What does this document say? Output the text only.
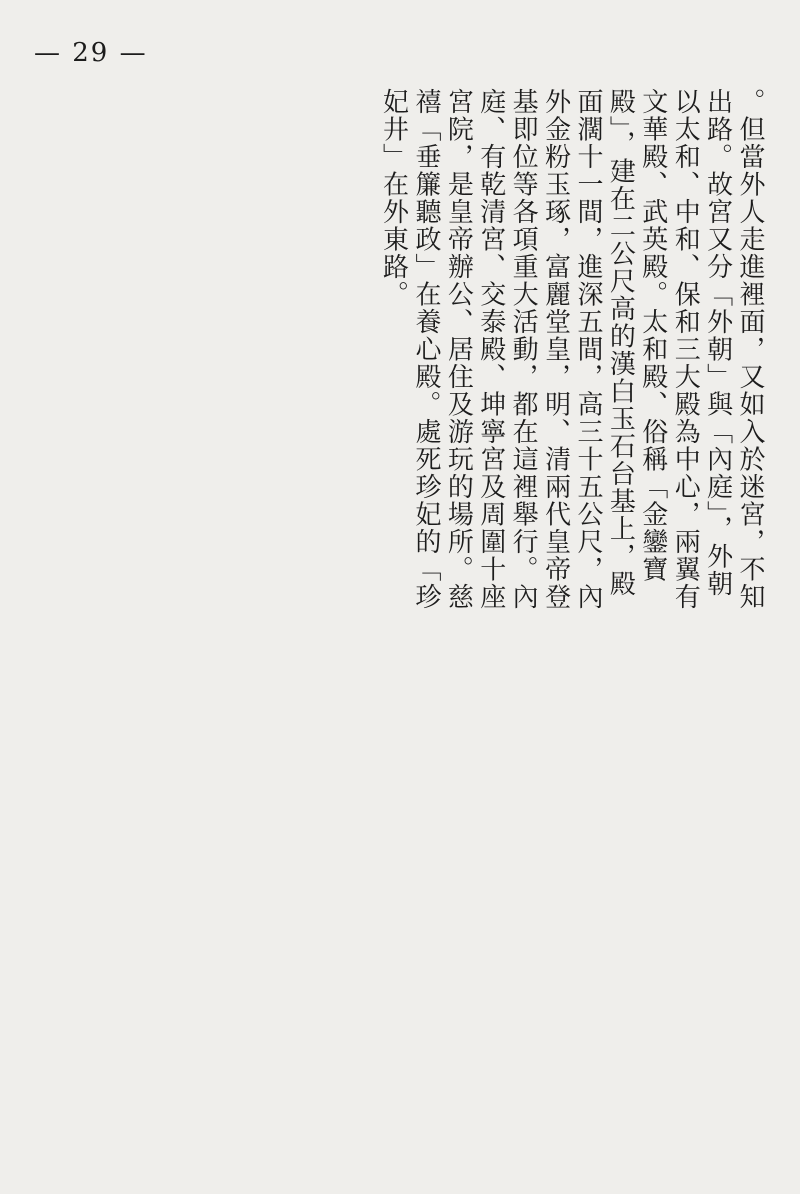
— 29 —

。但當外人走進裡面，又如入於迷宮，不知出路。故宮又分「外朝」與「內庭」，外朝以太和、中和、保和三大殿為中心，兩翼有文華殿、武英殿。太和殿、俗稱「金鑾寶殿」，建在二公尺高的漢白玉石台基上，殿面濶十一間，進深五間，高三十五公尺，內外金粉玉琢，富麗堂皇，明、清兩代皇帝登基即位等各項重大活動，都在這裡舉行。內庭、有乾清宮、交泰殿、坤寧宮及周圍十座宮院，是皇帝辦公、居住及游玩的場所。慈禧「垂簾聽政」在養心殿。處死珍妃的「珍妃井」在外東路。
